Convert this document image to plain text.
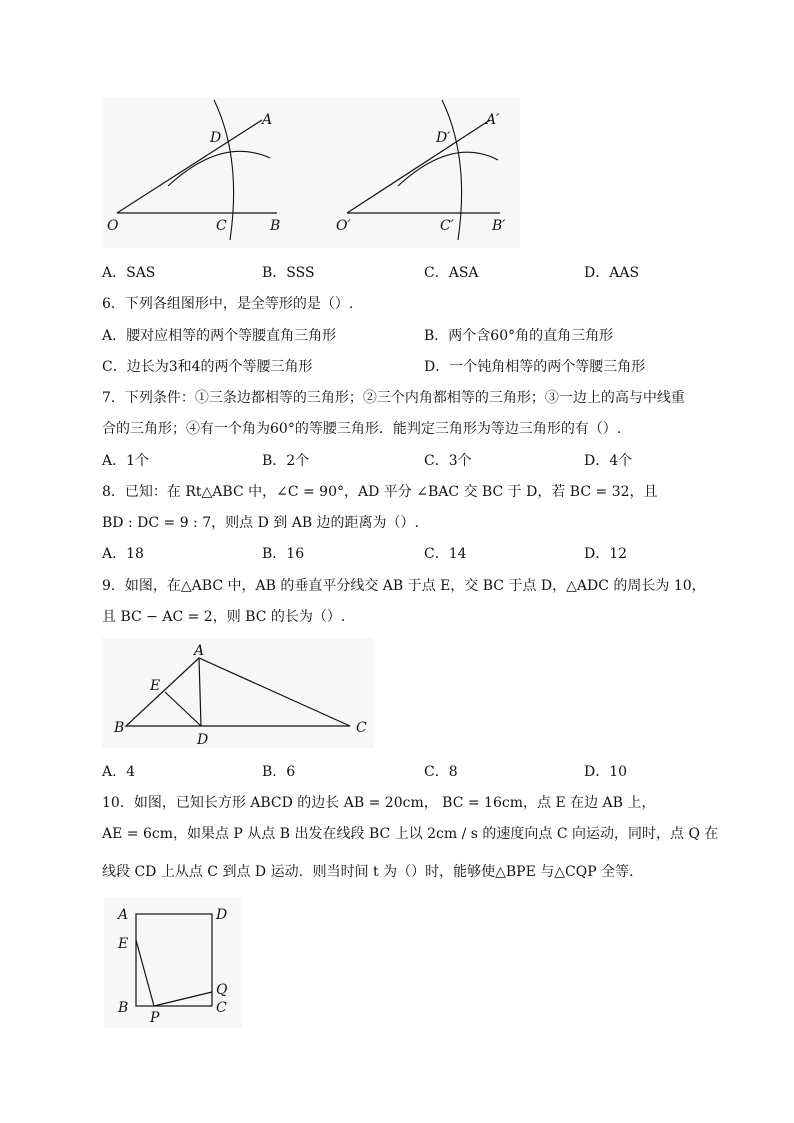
O	C	B
D
A
O′	C′	B′
D′
A′
A．SAS	B．SSS	C．ASA	D．AAS
6．下列各组图形中，是全等形的是（）.
A．腰对应相等的两个等腰直角三角形	B．两个含60°角的直角三角形
C．边长为3和4的两个等腰三角形	D．一个钝角相等的两个等腰三角形
7．下列条件：①三条边都相等的三角形；②三个内角都相等的三角形；③一边上的高与中线重
合的三角形；④有一个角为60°的等腰三角形．能判定三角形为等边三角形的有（）.
A．1个	B．2个	C．3个	D．4个
8．已知：在 Rt△ABC 中，∠C = 90°，AD 平分 ∠BAC 交 BC 于 D，若 BC = 32，且
BD : DC = 9 : 7，则点 D 到 AB 边的距离为（）.
A．18	B．16	C．14	D．12
9．如图，在△ABC 中，AB 的垂直平分线交 AB 于点 E，交 BC 于点 D，△ADC 的周长为 10，
且 BC − AC = 2，则 BC 的长为（）.
A
E
B
D
C
A．4	B．6	C．8	D．10
10．如图，已知长方形 ABCD 的边长 AB = 20cm， BC = 16cm，点 E 在边 AB 上，
AE = 6cm，如果点 P 从点 B 出发在线段 BC 上以 2cm / s 的速度向点 C 向运动，同时，点 Q 在
线段 CD 上从点 C 到点 D 运动．则当时间 t 为（）时，能够使△BPE 与△CQP 全等.
A	D
E
Q
B	C
P
